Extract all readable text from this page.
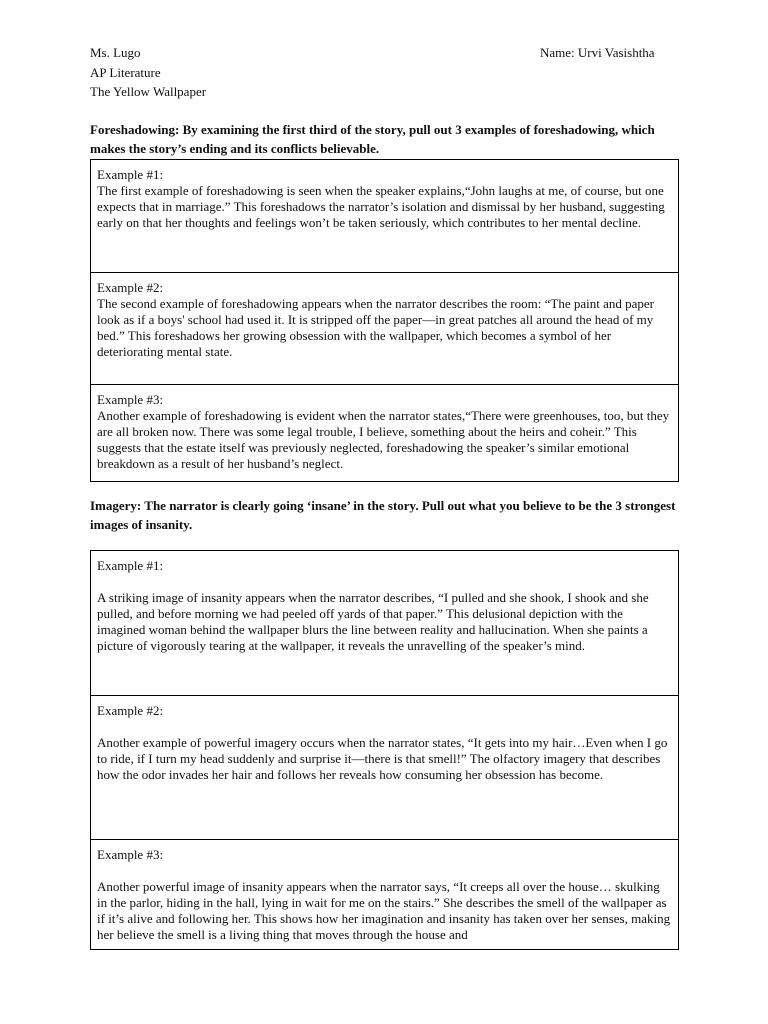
Ms. Lugo	Name: Urvi Vasishtha
AP Literature
The Yellow Wallpaper
Foreshadowing: By examining the first third of the story, pull out 3 examples of foreshadowing, which makes the story’s ending and its conflicts believable.
Example #1:
The first example of foreshadowing is seen when the speaker explains,“John laughs at me, of course, but one expects that in marriage.” This foreshadows the narrator’s isolation and dismissal by her husband, suggesting early on that her thoughts and feelings won’t be taken seriously, which contributes to her mental decline.
Example #2:
The second example of foreshadowing appears when the narrator describes the room: “The paint and paper look as if a boys' school had used it. It is stripped off the paper—in great patches all around the head of my bed.” This foreshadows her growing obsession with the wallpaper, which becomes a symbol of her deteriorating mental state.
Example #3:
Another example of foreshadowing is evident when the narrator states,“There were greenhouses, too, but they are all broken now. There was some legal trouble, I believe, something about the heirs and coheir.” This suggests that the estate itself was previously neglected, foreshadowing the speaker’s similar emotional breakdown as a result of her husband’s neglect.
Imagery: The narrator is clearly going ‘insane’ in the story. Pull out what you believe to be the 3 strongest images of insanity.
Example #1:
A striking image of insanity appears when the narrator describes, “I pulled and she shook, I shook and she pulled, and before morning we had peeled off yards of that paper.” This delusional depiction with the imagined woman behind the wallpaper blurs the line between reality and hallucination. When she paints a picture of vigorously tearing at the wallpaper, it reveals the unravelling of the speaker’s mind.
Example #2:
Another example of powerful imagery occurs when the narrator states, “It gets into my hair…Even when I go to ride, if I turn my head suddenly and surprise it—there is that smell!” The olfactory imagery that describes how the odor invades her hair and follows her reveals how consuming her obsession has become.
Example #3:
Another powerful image of insanity appears when the narrator says, “It creeps all over the house… skulking in the parlor, hiding in the hall, lying in wait for me on the stairs.” She describes the smell of the wallpaper as if it’s alive and following her. This shows how her imagination and insanity has taken over her senses, making her believe the smell is a living thing that moves through the house and
